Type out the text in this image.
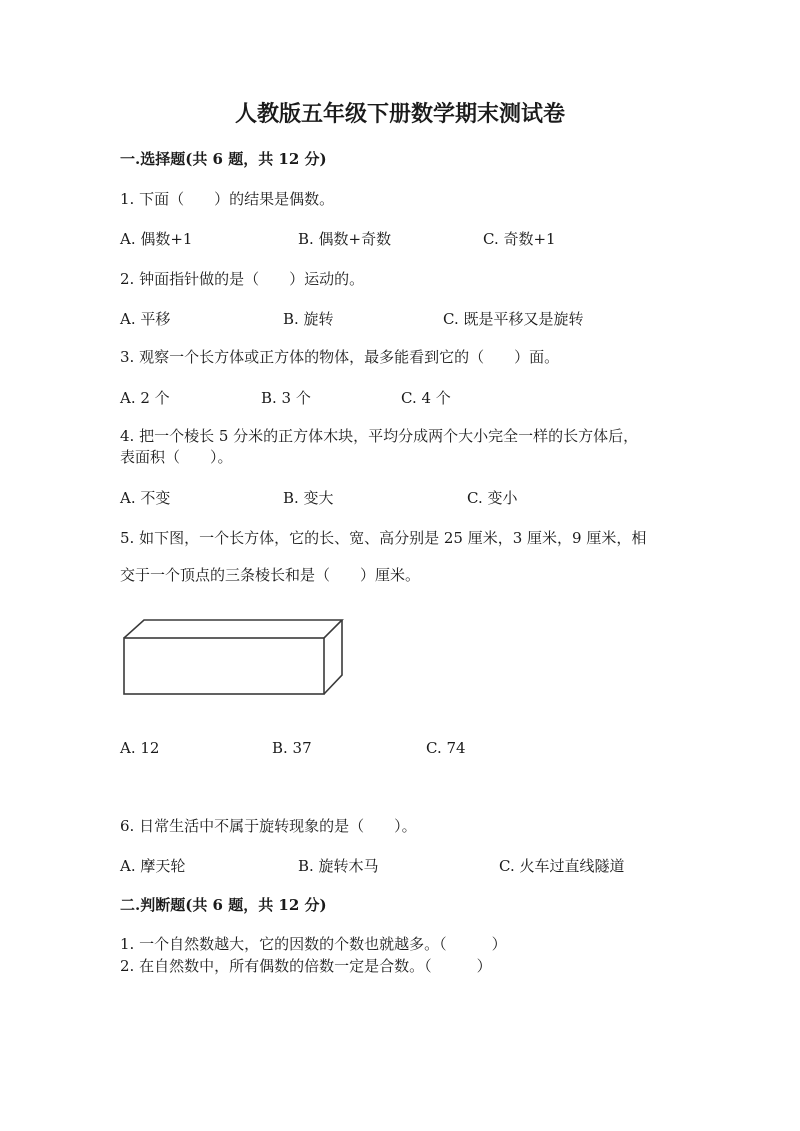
人教版五年级下册数学期末测试卷
一.选择题(共 6 题，共 12 分)
1. 下面（　　）的结果是偶数。
A. 偶数+1	B. 偶数+奇数	C. 奇数+1
2. 钟面指针做的是（　　）运动的。
A. 平移	B. 旋转	C. 既是平移又是旋转
3. 观察一个长方体或正方体的物体，最多能看到它的（　　）面。
A. 2 个	B. 3 个	C. 4 个
4. 把一个棱长 5 分米的正方体木块，平均分成两个大小完全一样的长方体后，
表面积（　　）。
A. 不变	B. 变大	C. 变小
5. 如下图，一个长方体，它的长、宽、高分别是 25 厘米，3 厘米，9 厘米，相
交于一个顶点的三条棱长和是（　　）厘米。
A. 12	B. 37	C. 74
6. 日常生活中不属于旋转现象的是（　　）。
A. 摩天轮	B. 旋转木马	C. 火车过直线隧道
二.判断题(共 6 题，共 12 分)
1. 一个自然数越大，它的因数的个数也就越多。（　　　）
2. 在自然数中，所有偶数的倍数一定是合数。（　　　）
